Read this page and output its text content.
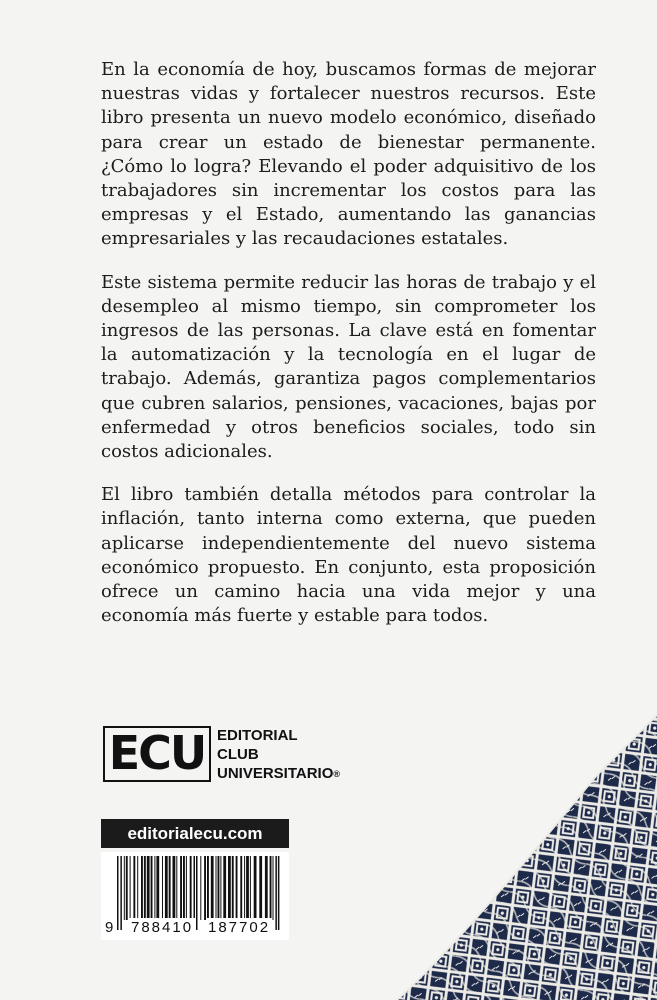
En la economía de hoy, buscamos formas de mejorar nuestras vidas y fortalecer nuestros recursos. Este libro presenta un nuevo modelo económico, diseñado para crear un estado de bienestar permanente. ¿Cómo lo logra? Elevando el poder adquisitivo de los trabajadores sin incrementar los costos para las empresas y el Estado, aumentando las ganancias empresariales y las recaudaciones estatales.

Este sistema permite reducir las horas de trabajo y el desempleo al mismo tiempo, sin comprometer los ingresos de las personas. La clave está en fomentar la automatización y la tecnología en el lugar de trabajo. Además, garantiza pagos complementarios que cubren salarios, pensiones, vacaciones, bajas por enfermedad y otros beneficios sociales, todo sin costos adicionales.

El libro también detalla métodos para controlar la inflación, tanto interna como externa, que pueden aplicarse independientemente del nuevo sistema económico propuesto. En conjunto, esta proposición ofrece un camino hacia una vida mejor y una economía más fuerte y estable para todos.

ECU EDITORIAL
CLUB
UNIVERSITARIO®
editorialecu.com
9 788410 187702
